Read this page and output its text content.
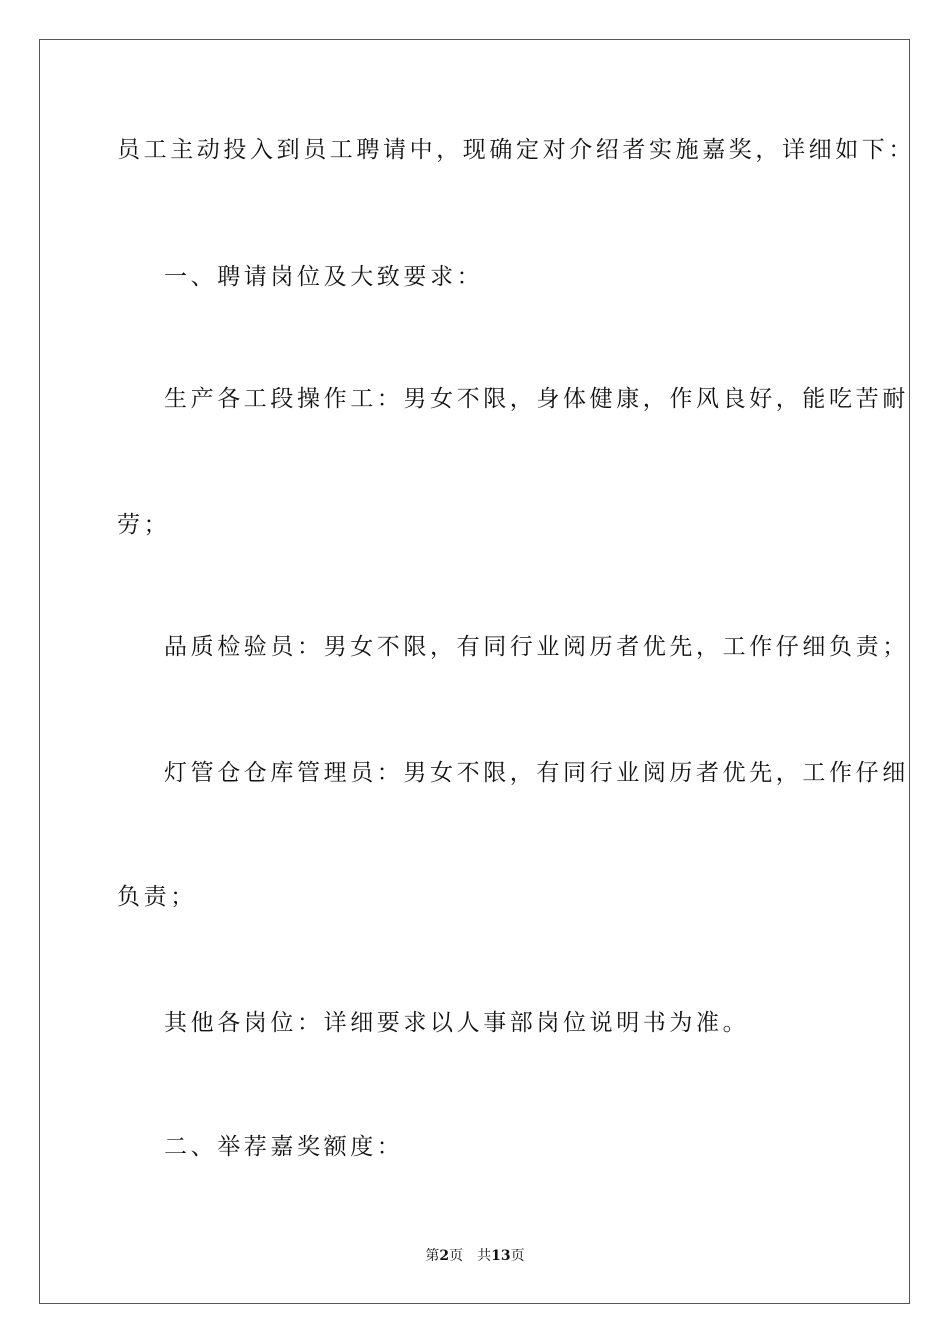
员工主动投入到员工聘请中，现确定对介绍者实施嘉奖，详细如下：
一、聘请岗位及大致要求：
生产各工段操作工：男女不限，身体健康，作风良好，能吃苦耐
劳；
品质检验员：男女不限，有同行业阅历者优先，工作仔细负责；
灯管仓仓库管理员：男女不限，有同行业阅历者优先，工作仔细
负责；
其他各岗位：详细要求以人事部岗位说明书为准。
二、举荐嘉奖额度：
第2页 共13页
